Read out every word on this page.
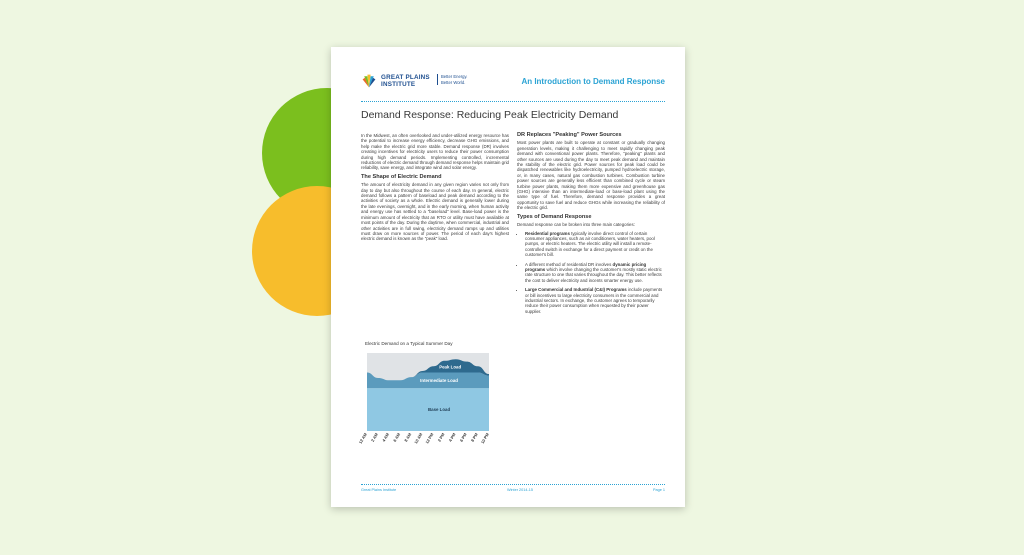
GREAT PLAINS
INSTITUTE
Better Energy.
Better World.	An Introduction to Demand Response
Demand Response: Reducing Peak Electricity Demand

In the Midwest, an often overlooked and under-utilized energy resource has the potential to increase energy efficiency, decrease GHG emissions, and help make the electric grid more stable. Demand response (DR) involves creating incentives for electricity users to reduce their power consumption during high demand periods. Implementing controlled, incremental reductions of electric demand through demand response helps maintain grid reliability, save energy, and integrate wind and solar energy.

The Shape of Electric Demand

The amount of electricity demand in any given region varies not only from day to day but also throughout the course of each day. In general, electric demand follows a pattern of baseload and peak demand according to the activities of society as a whole. Electric demand is generally lower during the late evenings, overnight, and in the early morning, when human activity and energy use has settled to a "baseload" level. Base-load power is the minimum amount of electricity that an RTO or utility must have available at most points of the day. During the daytime, when commercial, industrial and other activities are in full swing, electricity demand ramps up and utilities must draw on more sources of power. The period of each day's highest electric demand is known as the "peak" load.

Electric Demand on a Typical Summer Day
Base Load
Intermediate Load
Peak Load
12 AM 2 AM 4 AM 6 AM 8 AM 10 AM 12 PM 2 PM 4 PM 6 PM 8 PM 10 PM
DR Replaces "Peaking" Power Sources

Most power plants are built to operate at constant or gradually changing generation levels, making it challenging to meet rapidly changing peak demand with conventional power plants. Therefore, "peaking" plants and other sources are used during the day to meet peak demand and maintain the stability of the electric grid. Power sources for peak load could be dispatched renewables like hydroelectricity, pumped hydroelectric storage, or, in many cases, natural gas combustion turbines. Combustion turbine power sources are generally less efficient than combined cycle or steam turbine power plants, making them more expensive and greenhouse gas (GHG) intensive than an intermediate-load or base-load plant using the same type of fuel. Therefore, demand response provides a great opportunity to save fuel and reduce GHGs while increasing the reliability of the electric grid.

Types of Demand Response

Demand response can be broken into three main categories:

• Residential programs typically involve direct control of certain consumer appliances, such as air conditioners, water heaters, pool pumps, or electric heaters. The electric utility will install a remote-controlled switch in exchange for a direct payment or credit on the customer's bill.
• A different method of residential DR involves dynamic pricing programs which involve changing the customer's mostly static electric rate structure to one that varies throughout the day. This better reflects the cost to deliver electricity and incents smarter energy use.
• Large Commercial and Industrial (C&I) Programs include payments or bill incentives to large electricity consumers in the commercial and industrial sectors. In exchange, the customer agrees to temporarily reduce their power consumption when requested by their power supplier.
Great Plains Institute	Winter 2014-15	Page 1
